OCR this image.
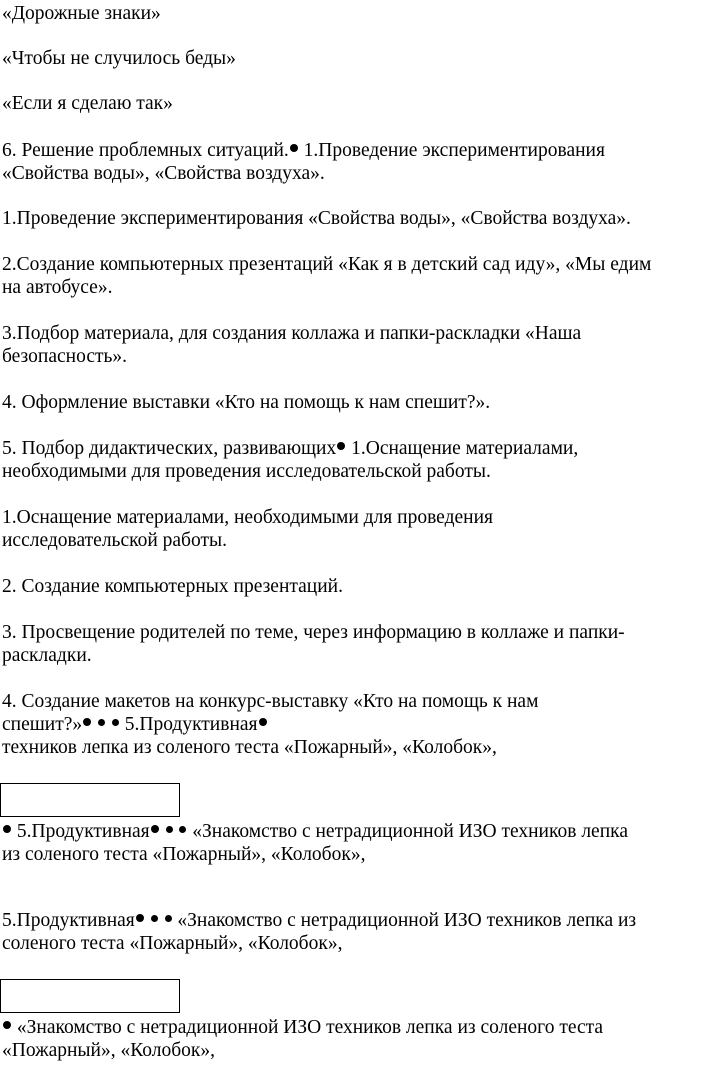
«Дорожные знаки»
«Чтобы не случилось беды»
«Если я сделаю так»
6. Решение проблемных ситуаций. 1.Проведение экспериментирования
«Свойства воды», «Свойства воздуха».
1.Проведение экспериментирования «Свойства воды», «Свойства воздуха».
2.Создание компьютерных презентаций «Как я в детский сад иду», «Мы едим
на автобусе».
3.Подбор материала, для создания коллажа и папки-раскладки «Наша
безопасность».
4. Оформление выставки «Кто на помощь к нам спешит?».
5. Подбор дидактических, развивающих 1.Оснащение материалами,
необходимыми для проведения исследовательской работы.
1.Оснащение материалами, необходимыми для проведения
исследовательской работы.
2. Создание компьютерных презентаций.
3. Просвещение родителей по теме, через информацию в коллаже и папки-
раскладки.
4. Создание макетов на конкурс-выставку «Кто на помощь к нам
спешит?»   5.Продуктивная
техников лепка из соленого теста «Пожарный», «Колобок»,
5.Продуктивная   «Знакомство с нетрадиционной ИЗО техников лепка
из соленого теста «Пожарный», «Колобок»,
5.Продуктивная   «Знакомство с нетрадиционной ИЗО техников лепка из
соленого теста «Пожарный», «Колобок»,
«Знакомство с нетрадиционной ИЗО техников лепка из соленого теста
«Пожарный», «Колобок»,
